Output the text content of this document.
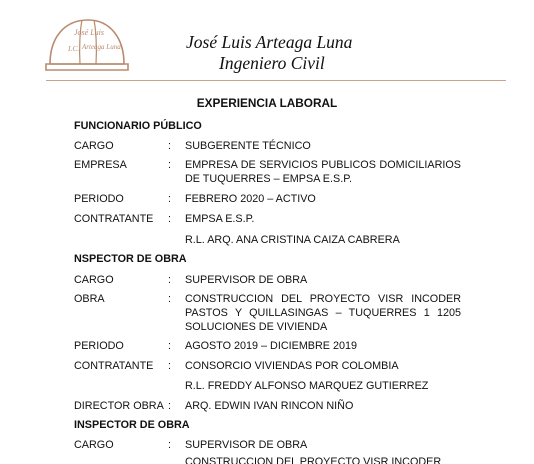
José Luis
Arteaga Luna
I.C.	José Luis Arteaga Luna
Ingeniero Civil
EXPERIENCIA LABORAL
FUNCIONARIO PÚBLICO
CARGO	: SUBGERENTE TÉCNICO
EMPRESA	: EMPRESA DE SERVICIOS PUBLICOS DOMICILIARIOS DE TUQUERRES – EMPSA E.S.P.
PERIODO	: FEBRERO 2020 – ACTIVO
CONTRATANTE : EMPSA E.S.P.
R.L. ARQ. ANA CRISTINA CAIZA CABRERA
NSPECTOR DE OBRA
CARGO	: SUPERVISOR DE OBRA
OBRA	: CONSTRUCCION DEL PROYECTO VISR INCODER PASTOS Y QUILLASINGAS – TUQUERRES 1 1205 SOLUCIONES DE VIVIENDA
PERIODO	: AGOSTO 2019 – DICIEMBRE 2019
CONTRATANTE : CONSORCIO VIVIENDAS POR COLOMBIA
R.L. FREDDY ALFONSO MARQUEZ GUTIERREZ
DIRECTOR OBRA : ARQ. EDWIN IVAN RINCON NIÑO
INSPECTOR DE OBRA
CARGO	: SUPERVISOR DE OBRA
CONSTRUCCION DEL PROYECTO VISR INCODER
